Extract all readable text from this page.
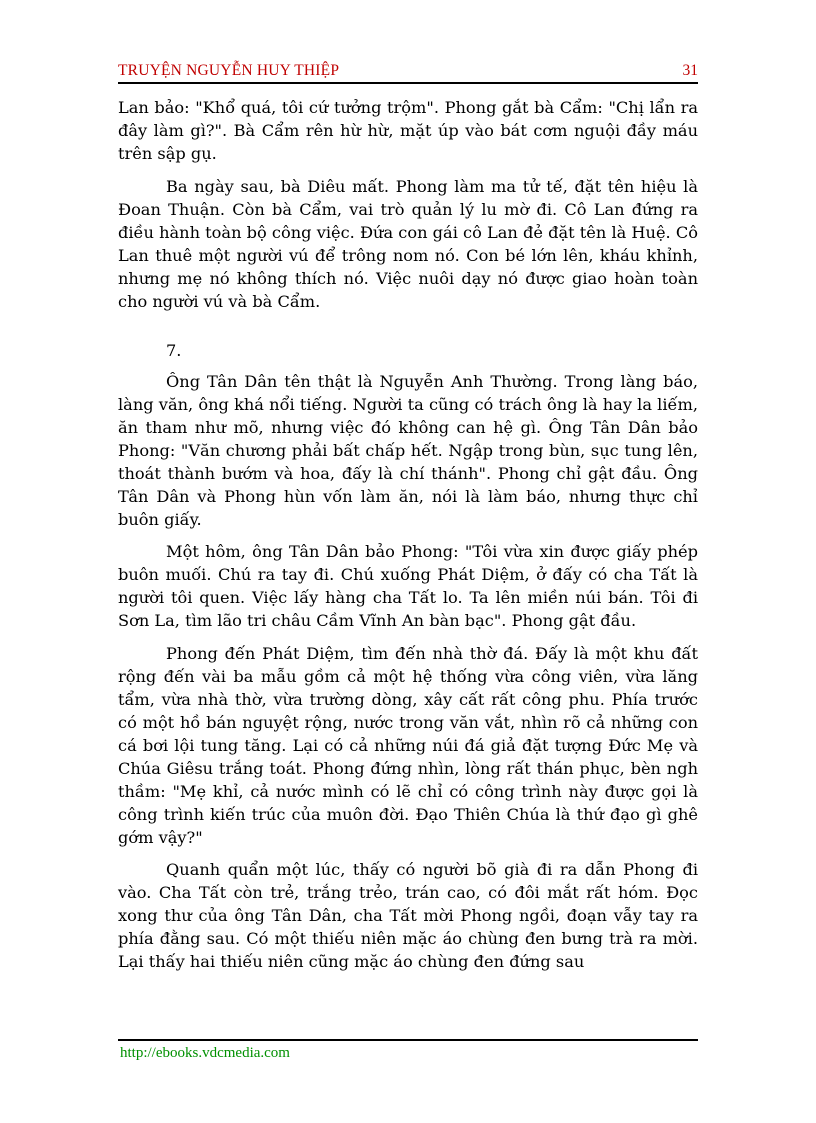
TRUYỆN NGUYỄN HUY THIỆP	31

Lan bảo: "Khổ quá, tôi cứ tưởng trộm". Phong gắt bà Cẩm: "Chị lẩn ra đây làm gì?". Bà Cẩm rên hừ hừ, mặt úp vào bát cơm nguội đầy máu trên sập gụ.

Ba ngày sau, bà Diêu mất. Phong làm ma tử tế, đặt tên hiệu là Đoan Thuận. Còn bà Cẩm, vai trò quản lý lu mờ đi. Cô Lan đứng ra điều hành toàn bộ công việc. Đứa con gái cô Lan đẻ đặt tên là Huệ. Cô Lan thuê một người vú để trông nom nó. Con bé lớn lên, kháu khỉnh, nhưng mẹ nó không thích nó. Việc nuôi dạy nó được giao hoàn toàn cho người vú và bà Cẩm.

7.

Ông Tân Dân tên thật là Nguyễn Anh Thường. Trong làng báo, làng văn, ông khá nổi tiếng. Người ta cũng có trách ông là hay la liếm, ăn tham như mõ, nhưng việc đó không can hệ gì. Ông Tân Dân bảo Phong: "Văn chương phải bất chấp hết. Ngập trong bùn, sục tung lên, thoát thành bướm và hoa, đấy là chí thánh". Phong chỉ gật đầu. Ông Tân Dân và Phong hùn vốn làm ăn, nói là làm báo, nhưng thực chỉ buôn giấy.

Một hôm, ông Tân Dân bảo Phong: "Tôi vừa xin được giấy phép buôn muối. Chú ra tay đi. Chú xuống Phát Diệm, ở đấy có cha Tất là người tôi quen. Việc lấy hàng cha Tất lo. Ta lên miền núi bán. Tôi đi Sơn La, tìm lão tri châu Cầm Vĩnh An bàn bạc". Phong gật đầu.

Phong đến Phát Diệm, tìm đến nhà thờ đá. Đấy là một khu đất rộng đến vài ba mẫu gồm cả một hệ thống vừa công viên, vừa lăng tẩm, vừa nhà thờ, vừa trường dòng, xây cất rất công phu. Phía trước có một hồ bán nguyệt rộng, nước trong văn vắt, nhìn rõ cả những con cá bơi lội tung tăng. Lại có cả những núi đá giả đặt tượng Đức Mẹ và Chúa Giêsu trắng toát. Phong đứng nhìn, lòng rất thán phục, bèn ngh thầm: "Mẹ khỉ, cả nước mình có lẽ chỉ có công trình này được gọi là công trình kiến trúc của muôn đời. Đạo Thiên Chúa là thứ đạo gì ghê gớm vậy?"

Quanh quẩn một lúc, thấy có người bõ già đi ra dẫn Phong đi vào. Cha Tất còn trẻ, trắng trẻo, trán cao, có đôi mắt rất hóm. Đọc xong thư của ông Tân Dân, cha Tất mời Phong ngồi, đoạn vẫy tay ra phía đằng sau. Có một thiếu niên mặc áo chùng đen bưng trà ra mời. Lại thấy hai thiếu niên cũng mặc áo chùng đen đứng sau

http://ebooks.vdcmedia.com
